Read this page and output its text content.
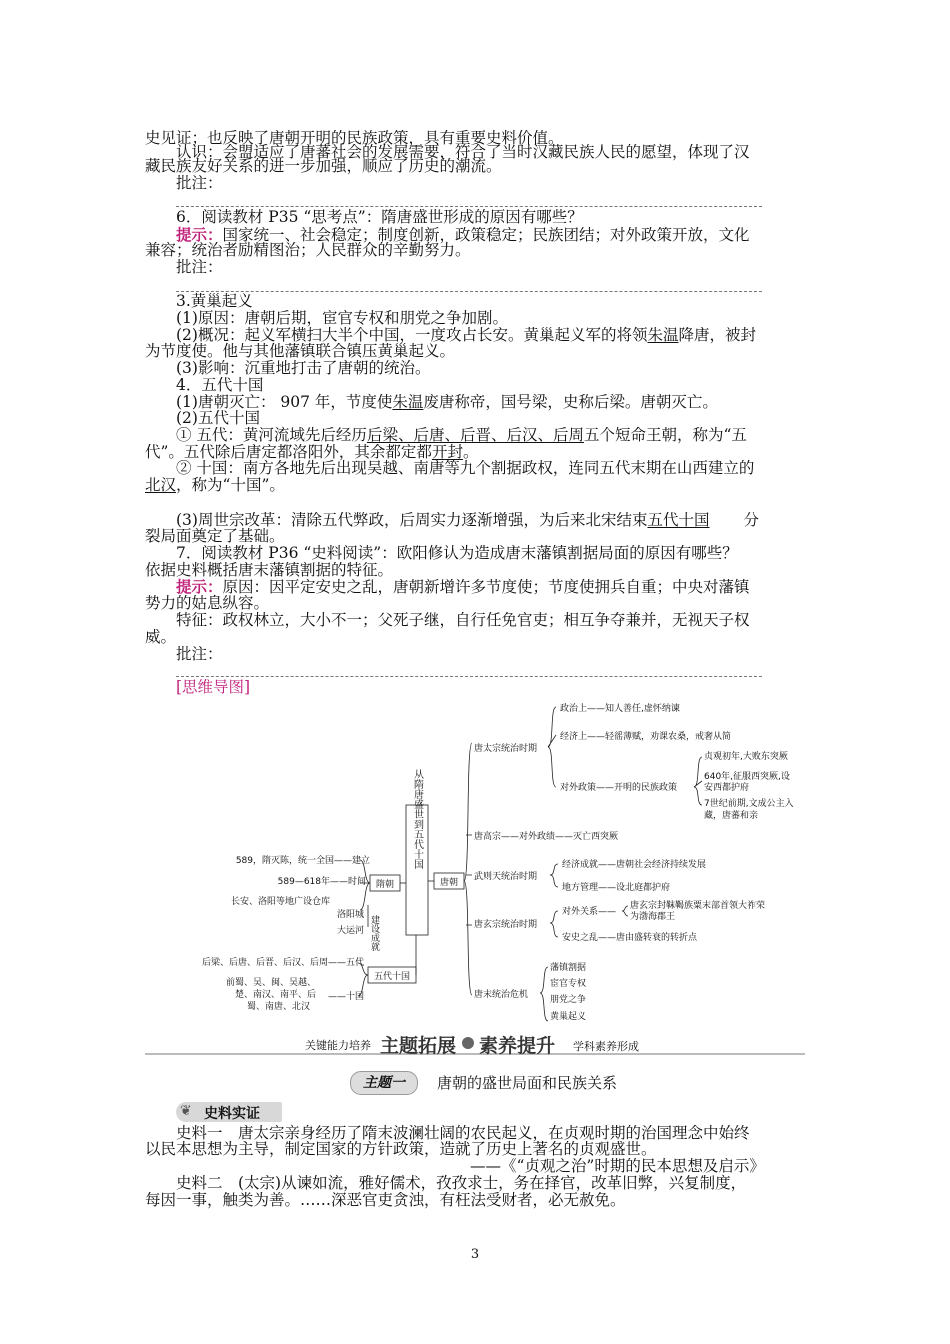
史见证；也反映了唐朝开明的民族政策，具有重要史料价值。
认识：会盟适应了唐蕃社会的发展需要，符合了当时汉藏民族人民的愿望，体现了汉
藏民族友好关系的进一步加强，顺应了历史的潮流。
批注：
6．阅读教材 P35 “思考点”：隋唐盛世形成的原因有哪些？
提示：国家统一、社会稳定；制度创新，政策稳定；民族团结；对外政策开放，文化
兼容；统治者励精图治；人民群众的辛勤努力。
批注：
3.黄巢起义
(1)原因：唐朝后期，宦官专权和朋党之争加剧。
(2)概况：起义军横扫大半个中国，一度攻占长安。黄巢起义军的将领朱温降唐，被封
为节度使。他与其他藩镇联合镇压黄巢起义。
(3)影响：沉重地打击了唐朝的统治。
4．五代十国
(1)唐朝灭亡： 907 年，节度使朱温废唐称帝，国号梁，史称后梁。唐朝灭亡。
(2)五代十国
① 五代：黄河流域先后经历后梁、后唐、后晋、后汉、后周五个短命王朝，称为“五
代”。五代除后唐定都洛阳外，其余都定都开封。
② 十国：南方各地先后出现吴越、南唐等九个割据政权，连同五代末期在山西建立的
北汉，称为“十国”。
(3)周世宗改革：清除五代弊政，后周实力逐渐增强，为后来北宋结束五代十国 分
裂局面奠定了基础。
7．阅读教材 P36 “史料阅读”：欧阳修认为造成唐末藩镇割据局面的原因有哪些？
依据史料概括唐末藩镇割据的特征。
提示：原因：因平定安史之乱，唐朝新增许多节度使；节度使拥兵自重；中央对藩镇
势力的姑息纵容。
特征：政权林立，大小不一；父死子继，自行任免官吏；相互争夺兼并，无视天子权
威。
批注：
[思维导图]
从隋唐盛世到五代十国
隋朝	唐朝
五代十国
589，隋灭陈，统一全国——建立
589—618年——时间
长安、洛阳等地广设仓库
洛阳城
大运河 建设成就
后梁、后唐、后晋、后汉、后周——五代
前蜀、吴、闽、吴越、
楚、南汉、南平、后
蜀、南唐、北汉
——十国
唐太宗统治时期
政治上——知人善任,虚怀纳谏
经济上——轻徭薄赋，劝课农桑，戒奢从简
对外政策——开明的民族政策
贞观初年,大败东突厥
640年,征服西突厥,设
安西都护府
7世纪前期,文成公主入
藏，唐蕃和亲
唐高宗——对外政绩——灭亡西突厥
武则天统治时期
经济成就——唐朝社会经济持续发展
地方管理——设北庭都护府
唐玄宗统治时期
对外关系——
唐玄宗封靺鞨族粟末部首领大祚荣
为渤海郡王
安史之乱——唐由盛转衰的转折点
唐末统治危机
藩镇割据
宦官专权
朋党之争
黄巢起义
关键能力培养 主题拓展 素养提升 学科素养形成
主题一	唐朝的盛世局面和民族关系
❦ 史料实证
史料一　唐太宗亲身经历了隋末波澜壮阔的农民起义，在贞观时期的治国理念中始终
以民本思想为主导，制定国家的方针政策，造就了历史上著名的贞观盛世。
——《“贞观之治”时期的民本思想及启示》
史料二　(太宗)从谏如流，雅好儒术，孜孜求士，务在择官，改革旧弊，兴复制度，
每因一事，触类为善。……深恶官吏贪浊，有枉法受财者，必无赦免。
3
